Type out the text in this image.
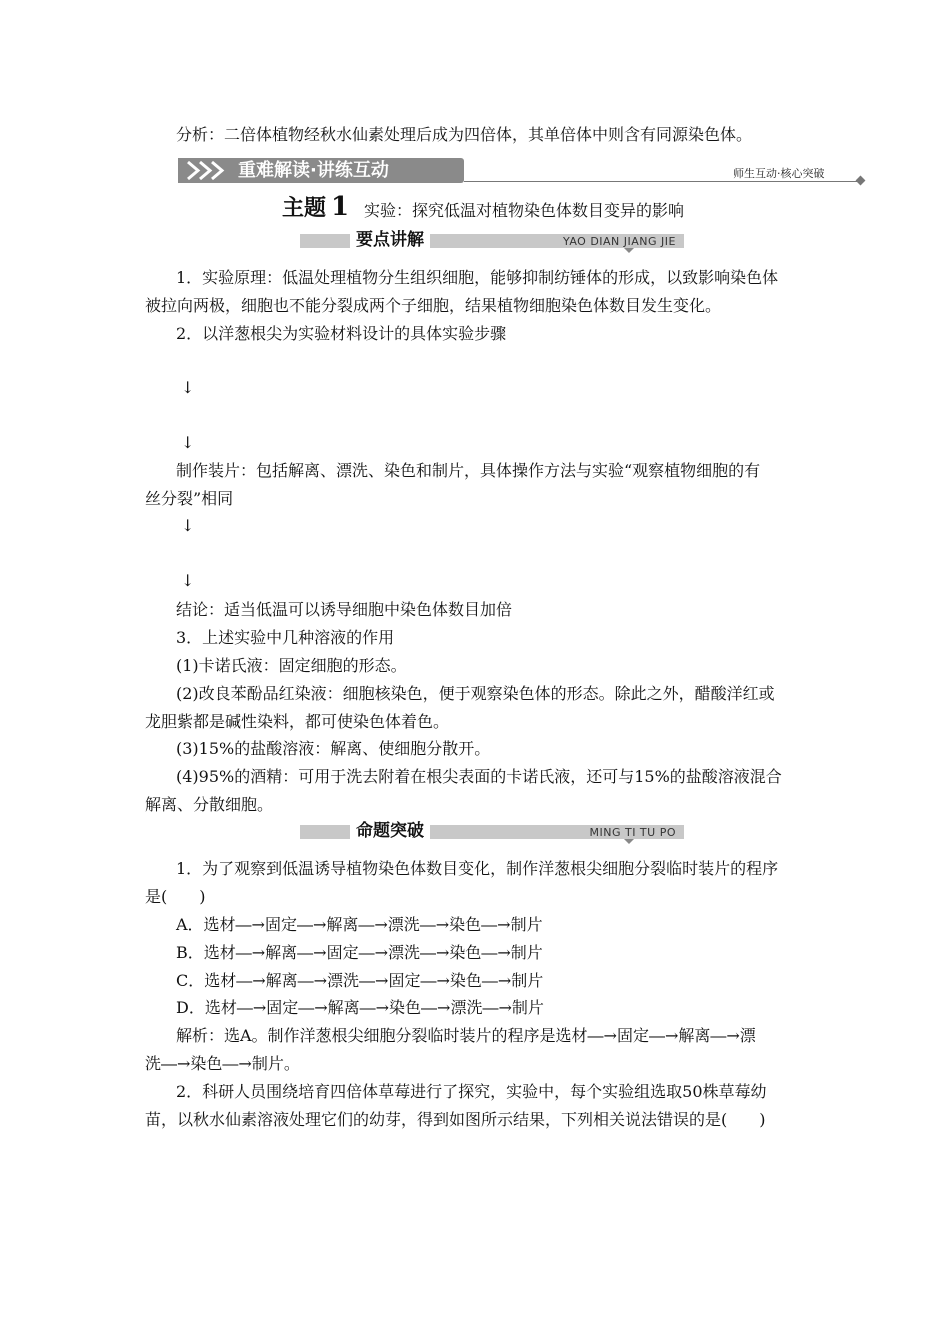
分析：二倍体植物经秋水仙素处理后成为四倍体，其单倍体中则含有同源染色体。
重难解读·讲练互动	师生互动·核心突破
主题 1 实验：探究低温对植物染色体数目变异的影响
要点讲解	YAO DIAN JIANG JIE
1．实验原理：低温处理植物分生组织细胞，能够抑制纺锤体的形成，以致影响染色体
被拉向两极，细胞也不能分裂成两个子细胞，结果植物细胞染色体数目发生变化。
2．以洋葱根尖为实验材料设计的具体实验步骤
↓
↓
制作装片：包括解离、漂洗、染色和制片，具体操作方法与实验“观察植物细胞的有
丝分裂”相同
↓
↓
结论：适当低温可以诱导细胞中染色体数目加倍
3．上述实验中几种溶液的作用
(1)卡诺氏液：固定细胞的形态。
(2)改良苯酚品红染液：细胞核染色，便于观察染色体的形态。除此之外，醋酸洋红或
龙胆紫都是碱性染料，都可使染色体着色。
(3)15%的盐酸溶液：解离、使细胞分散开。
(4)95%的酒精：可用于洗去附着在根尖表面的卡诺氏液，还可与15%的盐酸溶液混合
解离、分散细胞。
命题突破	MING TI TU PO
1．为了观察到低温诱导植物染色体数目变化，制作洋葱根尖细胞分裂临时装片的程序
是(　　)
A．选材―→固定―→解离―→漂洗―→染色―→制片
B．选材―→解离―→固定―→漂洗―→染色―→制片
C．选材―→解离―→漂洗―→固定―→染色―→制片
D．选材―→固定―→解离―→染色―→漂洗―→制片
解析：选A。制作洋葱根尖细胞分裂临时装片的程序是选材―→固定―→解离―→漂
洗―→染色―→制片。
2．科研人员围绕培育四倍体草莓进行了探究，实验中，每个实验组选取50株草莓幼
苗，以秋水仙素溶液处理它们的幼芽，得到如图所示结果，下列相关说法错误的是(　　)
